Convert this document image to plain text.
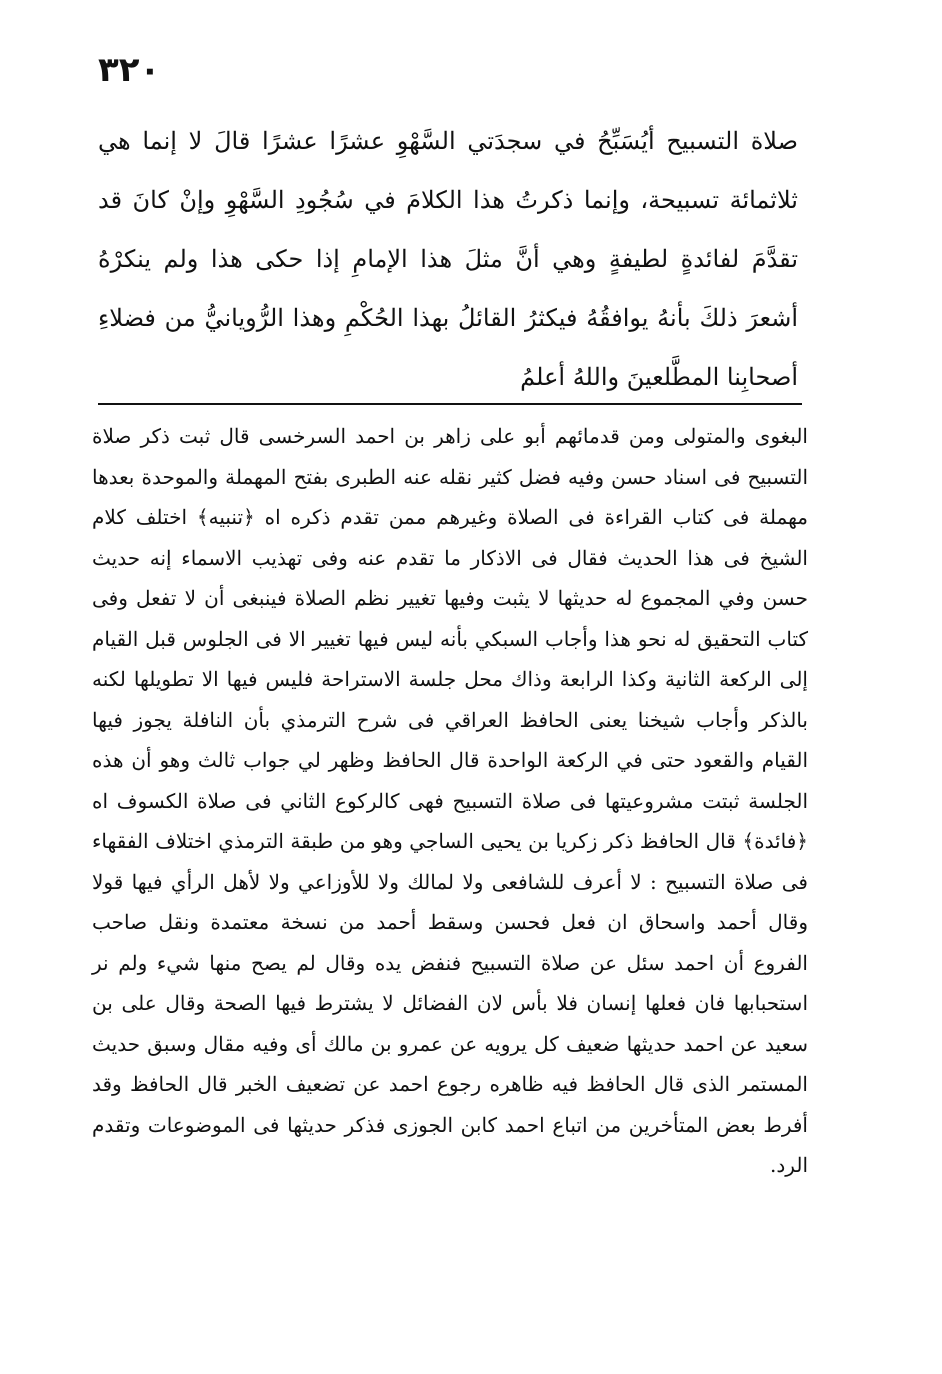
٣٢٠

صلاة التسبيح أيُسَبِّحُ في سجدَتي السَّهْوِ عشرًا عشرًا قالَ لا إنما هي ثلاثمائة تسبيحة، وإنما ذكرتُ هذا الكلامَ في سُجُودِ السَّهْوِ وإنْ كانَ قد تقدَّمَ لفائدةٍ لطيفةٍ وهي أنَّ مثلَ هذا الإمامِ إذا حكى هذا ولم ينكرْهُ أشعرَ ذلكَ بأنهُ يوافقُهُ فيكثرُ القائلُ بهذا الحُكْمِ وهذا الرُّويانيُّ من فضلاءِ أصحابِنا المطَّلعينَ واللهُ أعلمُ

البغوى والمتولى ومن قدمائهم أبو على زاهر بن احمد السرخسى قال ثبت ذكر صلاة التسبيح فى اسناد حسن وفيه فضل كثير نقله عنه الطبرى بفتح المهملة والموحدة بعدها مهملة فى كتاب القراءة فى الصلاة وغيرهم ممن تقدم ذكره اه ﴿تنبيه﴾ اختلف كلام الشيخ فى هذا الحديث فقال فى الاذكار ما تقدم عنه وفى تهذيب الاسماء إنه حديث حسن وفي المجموع له حديثها لا يثبت وفيها تغيير نظم الصلاة فينبغى أن لا تفعل وفى كتاب التحقيق له نحو هذا وأجاب السبكي بأنه ليس فيها تغيير الا فى الجلوس قبل القيام إلى الركعة الثانية وكذا الرابعة وذاك محل جلسة الاستراحة فليس فيها الا تطويلها لكنه بالذكر وأجاب شيخنا يعنى الحافظ العراقي فى شرح الترمذي بأن النافلة يجوز فيها القيام والقعود حتى في الركعة الواحدة قال الحافظ وظهر لي جواب ثالث وهو أن هذه الجلسة ثبتت مشروعيتها فى صلاة التسبيح فهى كالركوع الثاني فى صلاة الكسوف اه ﴿فائدة﴾ قال الحافظ ذكر زكريا بن يحيى الساجي وهو من طبقة الترمذي اختلاف الفقهاء فى صلاة التسبيح : لا أعرف للشافعى ولا لمالك ولا للأوزاعي ولا لأهل الرأي فيها قولا وقال أحمد واسحاق ان فعل فحسن وسقط أحمد من نسخة معتمدة ونقل صاحب الفروع أن احمد سئل عن صلاة التسبيح فنفض يده وقال لم يصح منها شيء ولم نر استحبابها فان فعلها إنسان فلا بأس لان الفضائل لا يشترط فيها الصحة وقال على بن سعيد عن احمد حديثها ضعيف كل يرويه عن عمرو بن مالك أى وفيه مقال وسبق حديث المستمر الذى قال الحافظ فيه ظاهره رجوع احمد عن تضعيف الخبر قال الحافظ وقد أفرط بعض المتأخرين من اتباع احمد كابن الجوزى فذكر حديثها فى الموضوعات وتقدم الرد.
